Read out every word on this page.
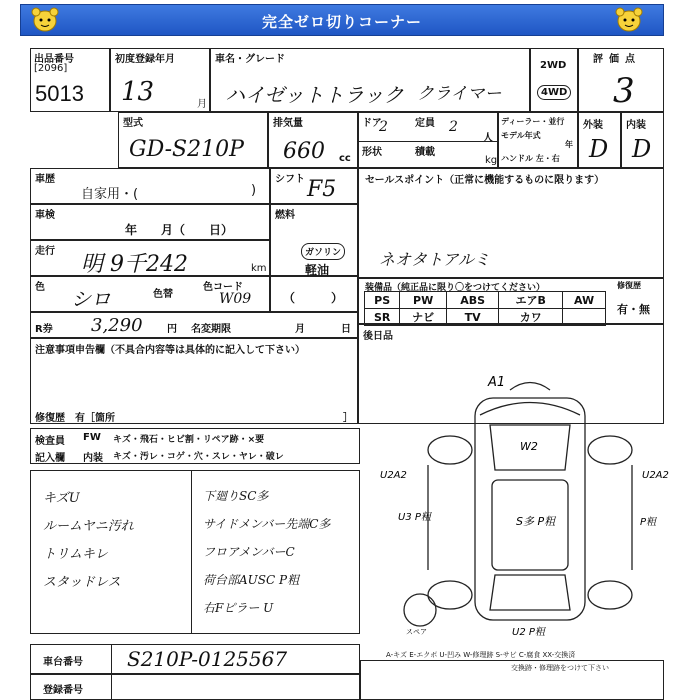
完全ゼロ切りコーナー
出品番号
[2096]
5013
初度登録年月
13	月
車名・グレード
ハイゼットトラック クライマー
2WD
4WD
評価点
3
型式
GD-S210P
排気量
660 cc
ドア
2	定員 2
人
形状	積載
kg
ディーラー・並行
モデル年式
年
ハンドル 左・右
外装
D
内装
D
車歴
自家用・(	)
シフト F5
車検
年　　月（　　日）
走行
明 9千242	km
燃料
ガソリン
軽油
色 シロ	色替
色コード
W09	（　　　）
R券 3,290 円 名変期限	月	日
注意事項申告欄（不具合内容等は具体的に記入して下さい）
修復歴　有［箇所	］
セールスポイント（正常に機能するものに限ります）
ネオタトアルミ
装備品（純正品に限り〇をつけてください）	修復歴
有・無
PS	PW	ABS	エアB	AW
SR	ナビ	TV	カワ	
後日品
検査員
記入欄
FW キズ・飛石・ヒビ割・リペア跡・×要
内装 キズ・汚レ・コゲ・穴・スレ・ヤレ・破レ
キズU
ルームヤニ汚れ
トリムキレ
スタッドレス
下廻りSC多
サイドメンバー先端C多
フロアメンバーC
荷台部AUSC P粗
右Fピラー U
A1
W2
S多 P粗
U2A2	U2A2
U3 P粗	P粗
U2 P粗
スペア
車台番号 S210P-0125567
登録番号
A-キズ E-エクボ U-凹み W-修理跡 S-サビ C-腐食 XX-交換済
交換跡・修理跡をつけて下さい
